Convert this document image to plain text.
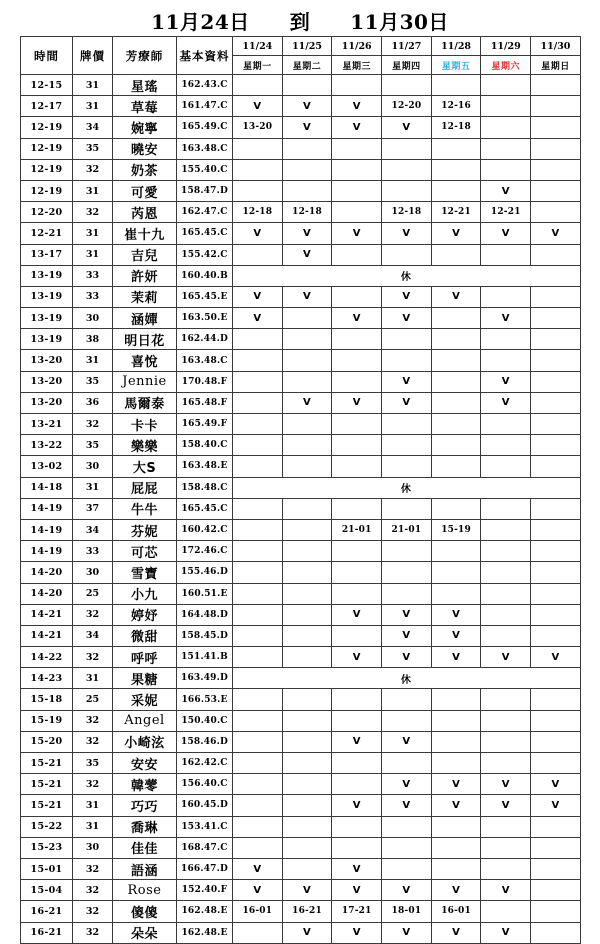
11月24日 到 11月30日
時間	牌價	芳療師	基本資料	11/24	11/25	11/26	11/27	11/28	11/29	11/30
				星期一	星期二	星期三	星期四	星期五	星期六	星期日
12-15	31	星瑤	162.43.C							
12-17	31	草莓	161.47.C	V	V	V	12-20	12-16		
12-19	34	婉寧	165.49.C	13-20	V	V	V	12-18		
12-19	35	曉安	163.48.C							
12-19	32	奶茶	155.40.C							
12-19	31	可愛	158.47.D						V	
12-20	32	芮恩	162.47.C	12-18	12-18		12-18	12-21	12-21	
12-21	31	崔十九	165.45.C	V	V	V	V	V	V	V
13-17	31	吉兒	155.42.C		V					
13-19	33	許妍	160.40.B	休						
13-19	33	茉莉	165.45.E	V	V		V	V		
13-19	30	涵嬋	163.50.E	V		V	V		V	
13-19	38	明日花	162.44.D							
13-20	31	喜悅	163.48.C							
13-20	35	Jennie	170.48.F				V		V	
13-20	36	馬爾泰	165.48.F		V	V	V		V	
13-21	32	卡卡	165.49.F							
13-22	35	樂樂	158.40.C							
13-02	30	大S	163.48.E							
14-18	31	屁屁	158.48.C	休						
14-19	37	牛牛	165.45.C							
14-19	34	芬妮	160.42.C			21-01	21-01	15-19		
14-19	33	可芯	172.46.C							
14-20	30	雪寶	155.46.D							
14-20	25	小九	160.51.E							
14-21	32	婷妤	164.48.D			V	V	V		
14-21	34	微甜	158.45.D				V	V		
14-22	32	呼呼	151.41.B			V	V	V	V	V
14-23	31	果糖	163.49.D	休						
15-18	25	采妮	166.53.E							
15-19	32	Angel	150.40.C							
15-20	32	小崎泫	158.46.D			V	V			
15-21	35	安安	162.42.C							
15-21	32	韓蕶	156.40.C				V	V	V	V
15-21	31	巧巧	160.45.D			V	V	V	V	V
15-22	31	喬琳	153.41.C							
15-23	30	佳佳	168.47.C							
15-01	32	語涵	166.47.D	V		V				
15-04	32	Rose	152.40.F	V	V	V	V	V	V	
16-21	32	傻傻	162.48.E	16-01	16-21	17-21	18-01	16-01		
16-21	32	朵朵	162.48.E		V	V	V	V	V	
